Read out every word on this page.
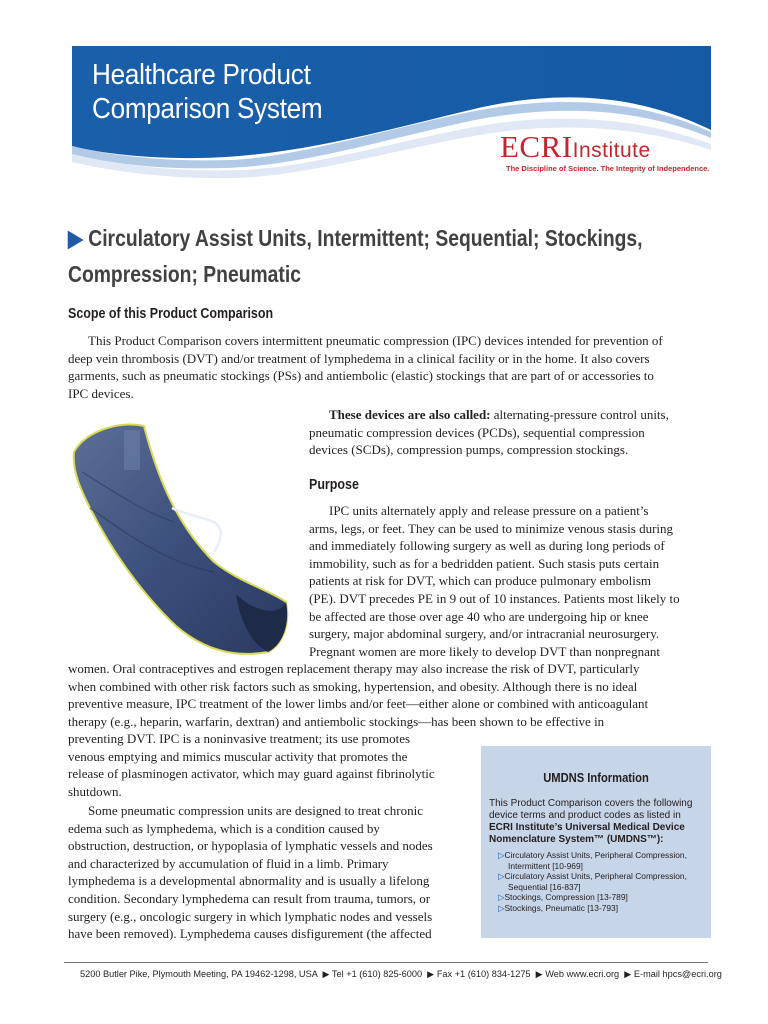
Healthcare Product
Comparison System
ECRIInstitute
The Discipline of Science. The Integrity of Independence.
▶ Circulatory Assist Units, Intermittent; Sequential; Stockings,
Compression; Pneumatic
Scope of this Product Comparison
This Product Comparison covers intermittent pneumatic compression (IPC) devices intended for prevention of
deep vein thrombosis (DVT) and/or treatment of lymphedema in a clinical facility or in the home. It also covers
garments, such as pneumatic stockings (PSs) and antiembolic (elastic) stockings that are part of or accessories to
IPC devices.
These devices are also called: alternating-pressure control units,
pneumatic compression devices (PCDs), sequential compression
devices (SCDs), compression pumps, compression stockings.
Purpose
IPC units alternately apply and release pressure on a patient’s
arms, legs, or feet. They can be used to minimize venous stasis during
and immediately following surgery as well as during long periods of
immobility, such as for a bedridden patient. Such stasis puts certain
patients at risk for DVT, which can produce pulmonary embolism
(PE). DVT precedes PE in 9 out of 10 instances. Patients most likely to
be affected are those over age 40 who are undergoing hip or knee
surgery, major abdominal surgery, and/or intracranial neurosurgery.
Pregnant women are more likely to develop DVT than nonpregnant
women. Oral contraceptives and estrogen replacement therapy may also increase the risk of DVT, particularly
when combined with other risk factors such as smoking, hypertension, and obesity. Although there is no ideal
preventive measure, IPC treatment of the lower limbs and/or feet—either alone or combined with anticoagulant
therapy (e.g., heparin, warfarin, dextran) and antiembolic stockings—has been shown to be effective in
preventing DVT. IPC is a noninvasive treatment; its use promotes
venous emptying and mimics muscular activity that promotes the
release of plasminogen activator, which may guard against fibrinolytic
shutdown.
Some pneumatic compression units are designed to treat chronic
edema such as lymphedema, which is a condition caused by
obstruction, destruction, or hypoplasia of lymphatic vessels and nodes
and characterized by accumulation of fluid in a limb. Primary
lymphedema is a developmental abnormality and is usually a lifelong
condition. Secondary lymphedema can result from trauma, tumors, or
surgery (e.g., oncologic surgery in which lymphatic nodes and vessels
have been removed). Lymphedema causes disfigurement (the affected
UMDNS Information
This Product Comparison covers the following
device terms and product codes as listed in
ECRI Institute’s Universal Medical Device
Nomenclature System™ (UMDNS™):
▷Circulatory Assist Units, Peripheral Compression, Intermittent [10-969]
▷Circulatory Assist Units, Peripheral Compression, Sequential [16-837]
▷Stockings, Compression [13-789]
▷Stockings, Pneumatic [13-793]
5200 Butler Pike, Plymouth Meeting, PA 19462-1298, USA ▶ Tel +1 (610) 825-6000 ▶ Fax +1 (610) 834-1275 ▶ Web www.ecri.org ▶ E-mail hpcs@ecri.org
